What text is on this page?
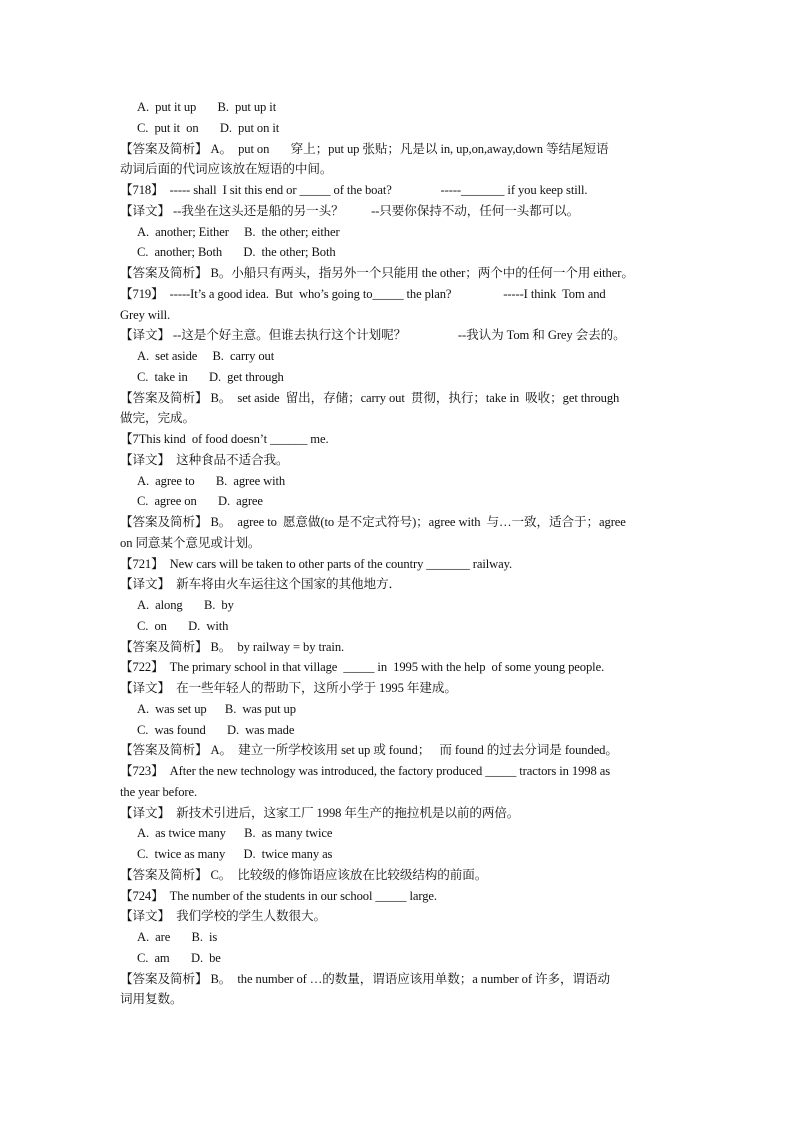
A.  put it up       B.  put up it
C.  put it  on       D.  put on it
【答案及简析】 A。  put on       穿上；put up 张贴；凡是以 in, up,on,away,down 等结尾短语
动词后面的代词应该放在短语的中间。
【718】  ----- shall  I sit this end or _____ of the boat?                -----_______ if you keep still.
【译文】 --我坐在这头还是船的另一头？         --只要你保持不动，任何一头都可以。
A.  another; Either     B.  the other; either
C.  another; Both       D.  the other; Both
【答案及简析】 B。小船只有两头，指另外一个只能用 the other；两个中的任何一个用 either。
【719】  -----It’s a good idea.  But  who’s going to_____ the plan?                 -----I think  Tom and
Grey will.
【译文】 --这是个好主意。但谁去执行这个计划呢？                 --我认为 Tom 和 Grey 会去的。
A.  set aside     B.  carry out
C.  take in       D.  get through
【答案及简析】 B。  set aside  留出，存储；carry out  贯彻，执行；take in  吸收；get through
做完，完成。
【7This kind  of food doesn’t ______ me.
【译文】  这种食品不适合我。
A.  agree to       B.  agree with
C.  agree on       D.  agree
【答案及简析】 B。  agree to  愿意做(to 是不定式符号)；agree with  与…一致，适合于；agree
on 同意某个意见或计划。
【721】  New cars will be taken to other parts of the country _______ railway.
【译文】  新车将由火车运往这个国家的其他地方．
A.  along       B.  by
C.  on       D.  with
【答案及简析】 B。  by railway = by train.
【722】  The primary school in that village  _____ in  1995 with the help  of some young people.
【译文】  在一些年轻人的帮助下，这所小学于 1995 年建成。
A.  was set up      B.  was put up
C.  was found       D.  was made
【答案及简析】 A。  建立一所学校该用 set up 或 found；   而 found 的过去分词是 founded。
【723】  After the new technology was introduced, the factory produced _____ tractors in 1998 as
the year before.
【译文】  新技术引进后，这家工厂 1998 年生产的拖拉机是以前的两倍。
A.  as twice many      B.  as many twice
C.  twice as many      D.  twice many as
【答案及简析】 C。  比较级的修饰语应该放在比较级结构的前面。
【724】  The number of the students in our school _____ large.
【译文】  我们学校的学生人数很大。
A.  are       B.  is
C.  am       D.  be
【答案及简析】 B。  the number of …的数量，谓语应该用单数；a number of 许多，谓语动
词用复数。
